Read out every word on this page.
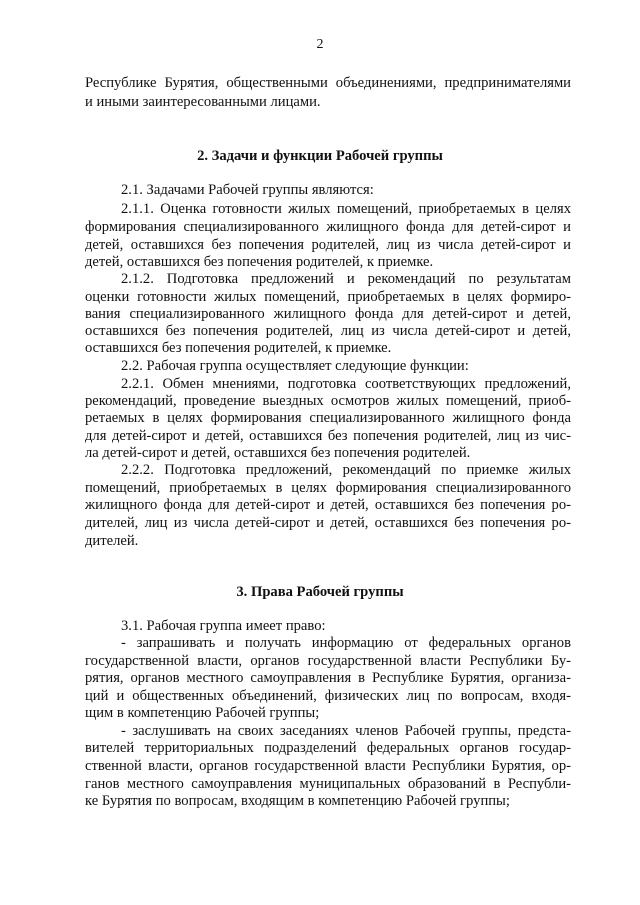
2
Республике Бурятия, общественными объединениями, предпринимателями
и иными заинтересованными лицами.
2. Задачи и функции Рабочей группы
2.1. Задачами Рабочей группы являются:
2.1.1. Оценка готовности жилых помещений, приобретаемых в целях
формирования специализированного жилищного фонда для детей-сирот и
детей, оставшихся без попечения родителей, лиц из числа детей-сирот и
детей, оставшихся без попечения родителей, к приемке.
2.1.2. Подготовка предложений и рекомендаций по результатам
оценки готовности жилых помещений, приобретаемых в целях формиро-
вания специализированного жилищного фонда для детей-сирот и детей,
оставшихся без попечения родителей, лиц из числа детей-сирот и детей,
оставшихся без попечения родителей, к приемке.
2.2. Рабочая группа осуществляет следующие функции:
2.2.1. Обмен мнениями, подготовка соответствующих предложений,
рекомендаций, проведение выездных осмотров жилых помещений, приоб-
ретаемых в целях формирования специализированного жилищного фонда
для детей-сирот и детей, оставшихся без попечения родителей, лиц из чис-
ла детей-сирот и детей, оставшихся без попечения родителей.
2.2.2. Подготовка предложений, рекомендаций по приемке жилых
помещений, приобретаемых в целях формирования специализированного
жилищного фонда для детей-сирот и детей, оставшихся без попечения ро-
дителей, лиц из числа детей-сирот и детей, оставшихся без попечения ро-
дителей.
3. Права Рабочей группы
3.1. Рабочая группа имеет право:
- запрашивать и получать информацию от федеральных органов
государственной власти, органов государственной власти Республики Бу-
рятия, органов местного самоуправления в Республике Бурятия, организа-
ций и общественных объединений, физических лиц по вопросам, входя-
щим в компетенцию Рабочей группы;
- заслушивать на своих заседаниях членов Рабочей группы, предста-
вителей территориальных подразделений федеральных органов государ-
ственной власти, органов государственной власти Республики Бурятия, ор-
ганов местного самоуправления муниципальных образований в Республи-
ке Бурятия по вопросам, входящим в компетенцию Рабочей группы;
